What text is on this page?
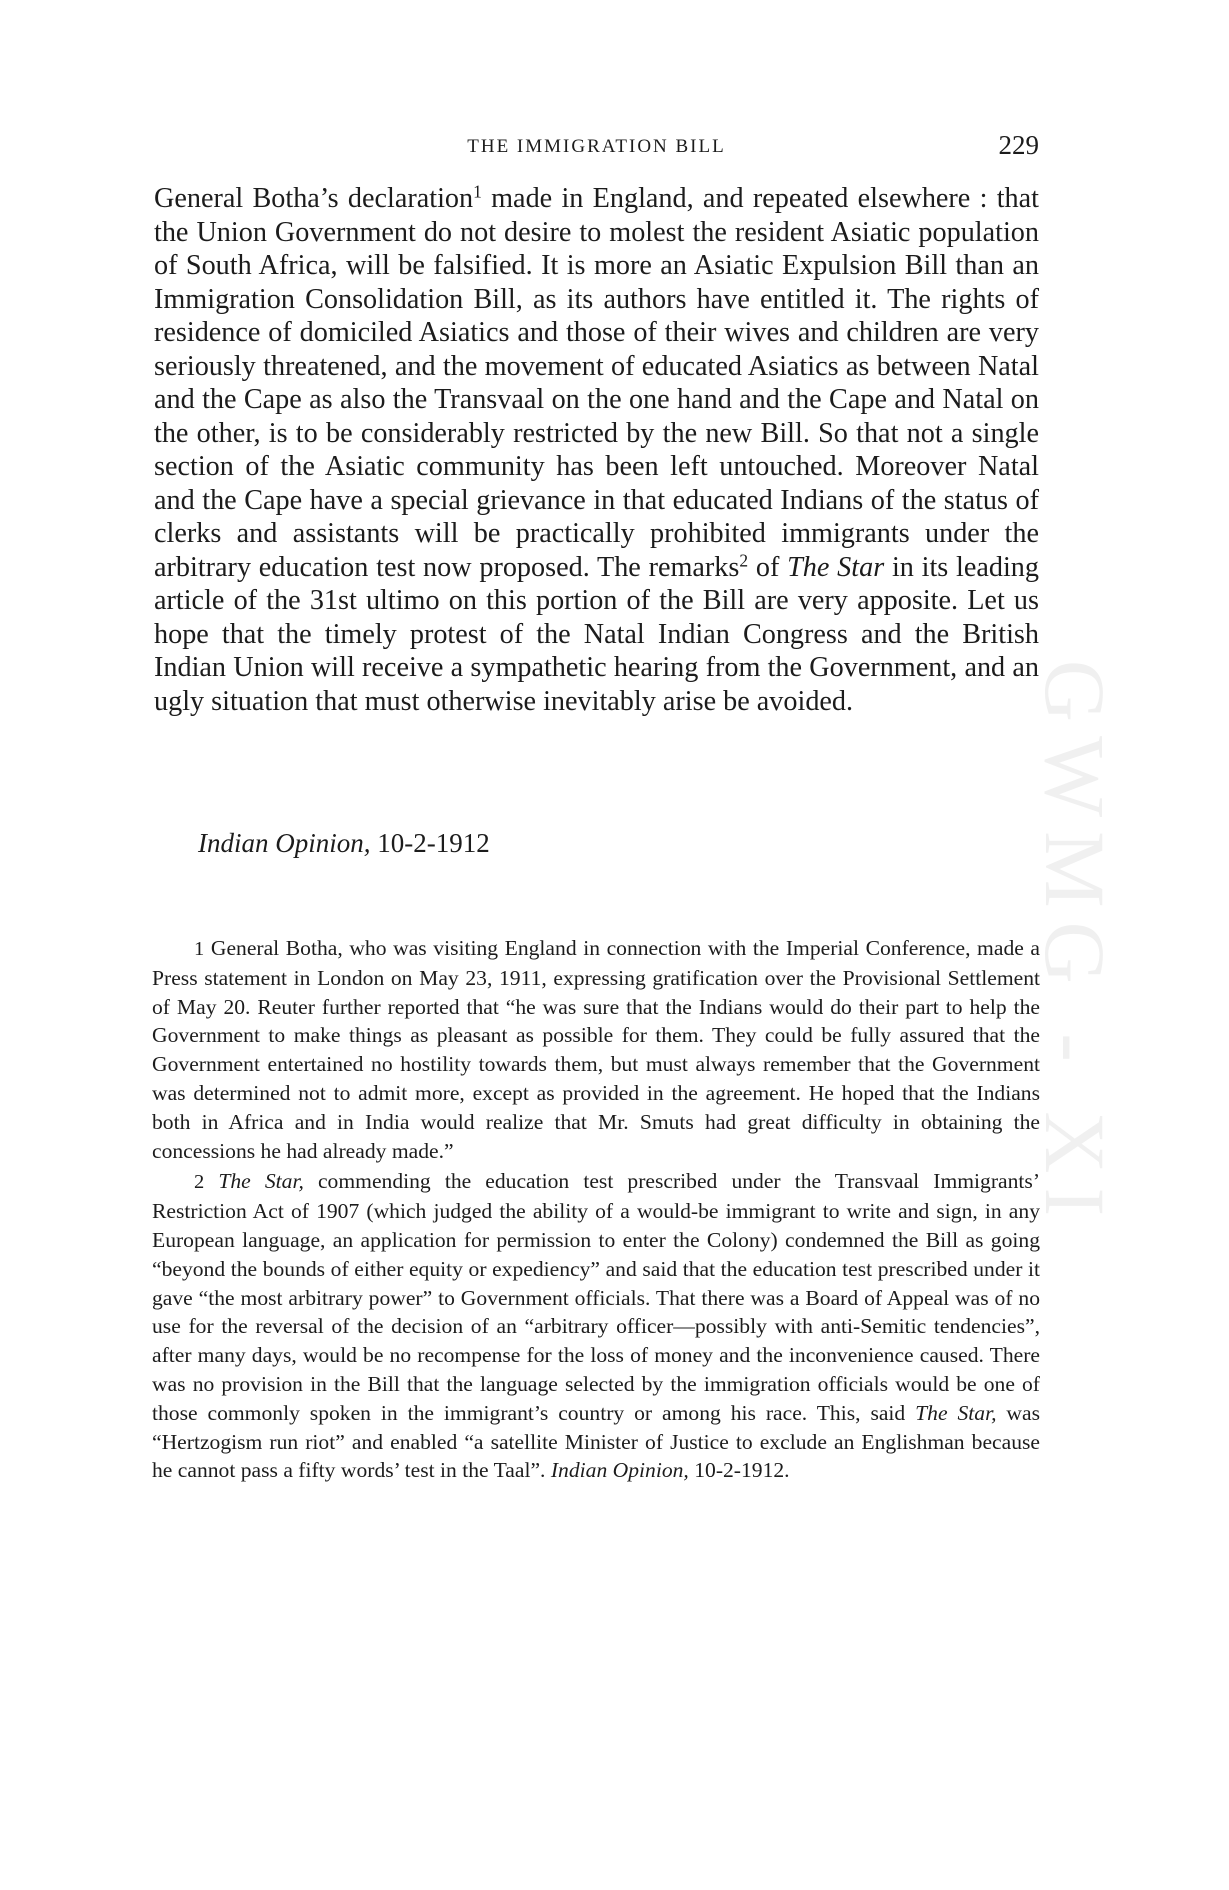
GWMG - XI
THE IMMIGRATION BILL	229

General Botha’s declaration$^1$ made in England, and repeated elsewhere : that the Union Government do not desire to molest the resident Asiatic population of South Africa, will be falsified. It is more an Asiatic Expulsion Bill than an Immigration Consolidation Bill, as its authors have entitled it. The rights of residence of domiciled Asiatics and those of their wives and children are very seriously threatened, and the movement of educated Asiatics as between Natal and the Cape as also the Transvaal on the one hand and the Cape and Natal on the other, is to be considerably restricted by the new Bill. So that not a single section of the Asiatic community has been left untouched. Moreover Natal and the Cape have a special grievance in that educated Indians of the status of clerks and assistants will be practically prohibited immigrants under the arbitrary education test now proposed. The remarks$^2$ of The Star in its leading article of the 31st ultimo on this portion of the Bill are very apposite. Let us hope that the timely protest of the Natal Indian Congress and the British Indian Union will receive a sympathetic hearing from the Government, and an ugly situation that must otherwise inevitably arise be avoided.

Indian Opinion, 10-2-1912

1 General Botha, who was visiting England in connection with the Imperial Conference, made a Press statement in London on May 23, 1911, expressing gratification over the Provisional Settlement of May 20. Reuter further reported that “he was sure that the Indians would do their part to help the Government to make things as pleasant as possible for them. They could be fully assured that the Government entertained no hostility towards them, but must always remember that the Government was determined not to admit more, except as provided in the agreement. He hoped that the Indians both in Africa and in India would realize that Mr. Smuts had great difficulty in obtaining the concessions he had already made.”

2 The Star, commending the education test prescribed under the Transvaal Immigrants’ Restriction Act of 1907 (which judged the ability of a would-be immigrant to write and sign, in any European language, an application for permission to enter the Colony) condemned the Bill as going “beyond the bounds of either equity or expediency” and said that the education test prescribed under it gave “the most arbitrary power” to Government officials. That there was a Board of Appeal was of no use for the reversal of the decision of an “arbitrary officer—possibly with anti-Semitic tendencies”, after many days, would be no recompense for the loss of money and the inconvenience caused. There was no provision in the Bill that the language selected by the immigration officials would be one of those commonly spoken in the immigrant’s country or among his race. This, said The Star, was “Hertzogism run riot” and enabled “a satellite Minister of Justice to exclude an Englishman because he cannot pass a fifty words’ test in the Taal”. Indian Opinion, 10-2-1912.
